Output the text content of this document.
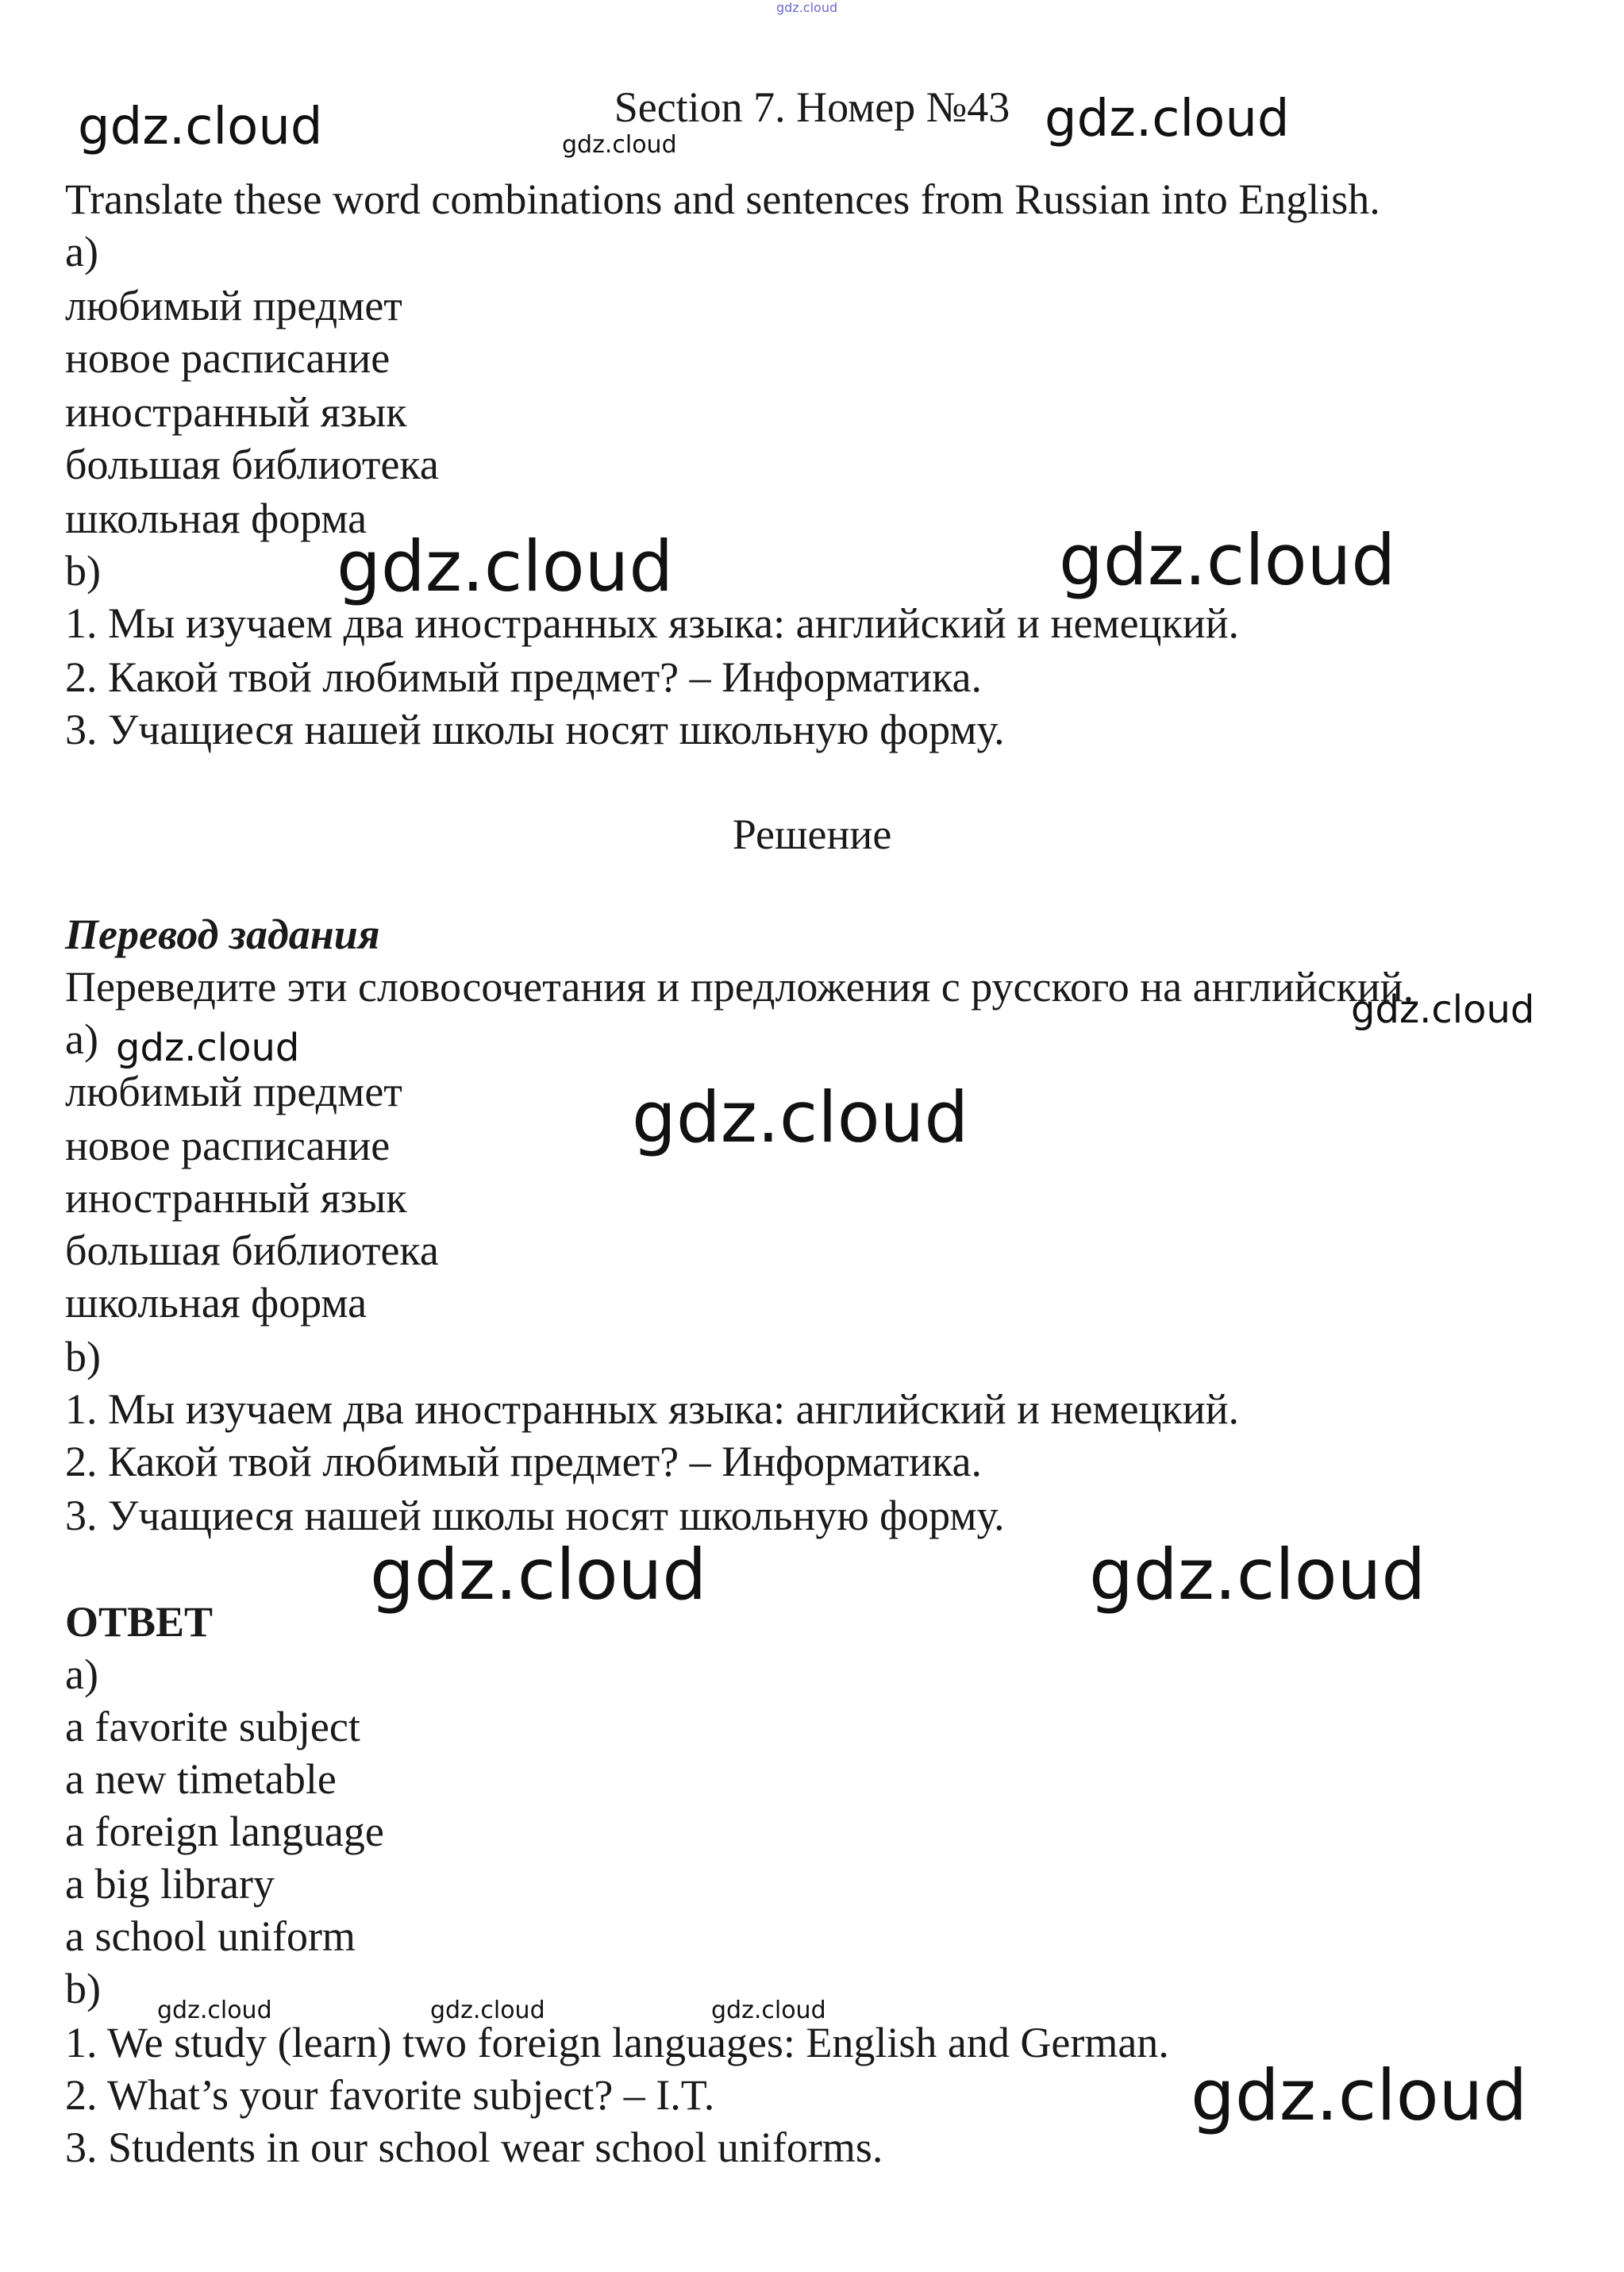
Section 7. Номер №43
Translate these word combinations and sentences from Russian into English.
a)
любимый предмет
новое расписание
иностранный язык
большая библиотека
школьная форма
b)
1. Мы изучаем два иностранных языка: английский и немецкий.
2. Какой твой любимый предмет? – Информатика.
3. Учащиеся нашей школы носят школьную форму.
Решение
Перевод задания
Переведите эти словосочетания и предложения с русского на английский.
a)
любимый предмет
новое расписание
иностранный язык
большая библиотека
школьная форма
b)
1. Мы изучаем два иностранных языка: английский и немецкий.
2. Какой твой любимый предмет? – Информатика.
3. Учащиеся нашей школы носят школьную форму.
ОТВЕТ
a)
a favorite subject
a new timetable
a foreign language
a big library
a school uniform
b)
1. We study (learn) two foreign languages: English and German.
2. What’s your favorite subject? – I.T.
3. Students in our school wear school uniforms.
gdz.cloud
gdz.cloud	gdz.cloud	gdz.cloud
gdz.cloud	gdz.cloud
gdz.cloud
gdz.cloud
gdz.cloud
gdz.cloud	gdz.cloud
gdz.cloud	gdz.cloud	gdz.cloud
gdz.cloud
